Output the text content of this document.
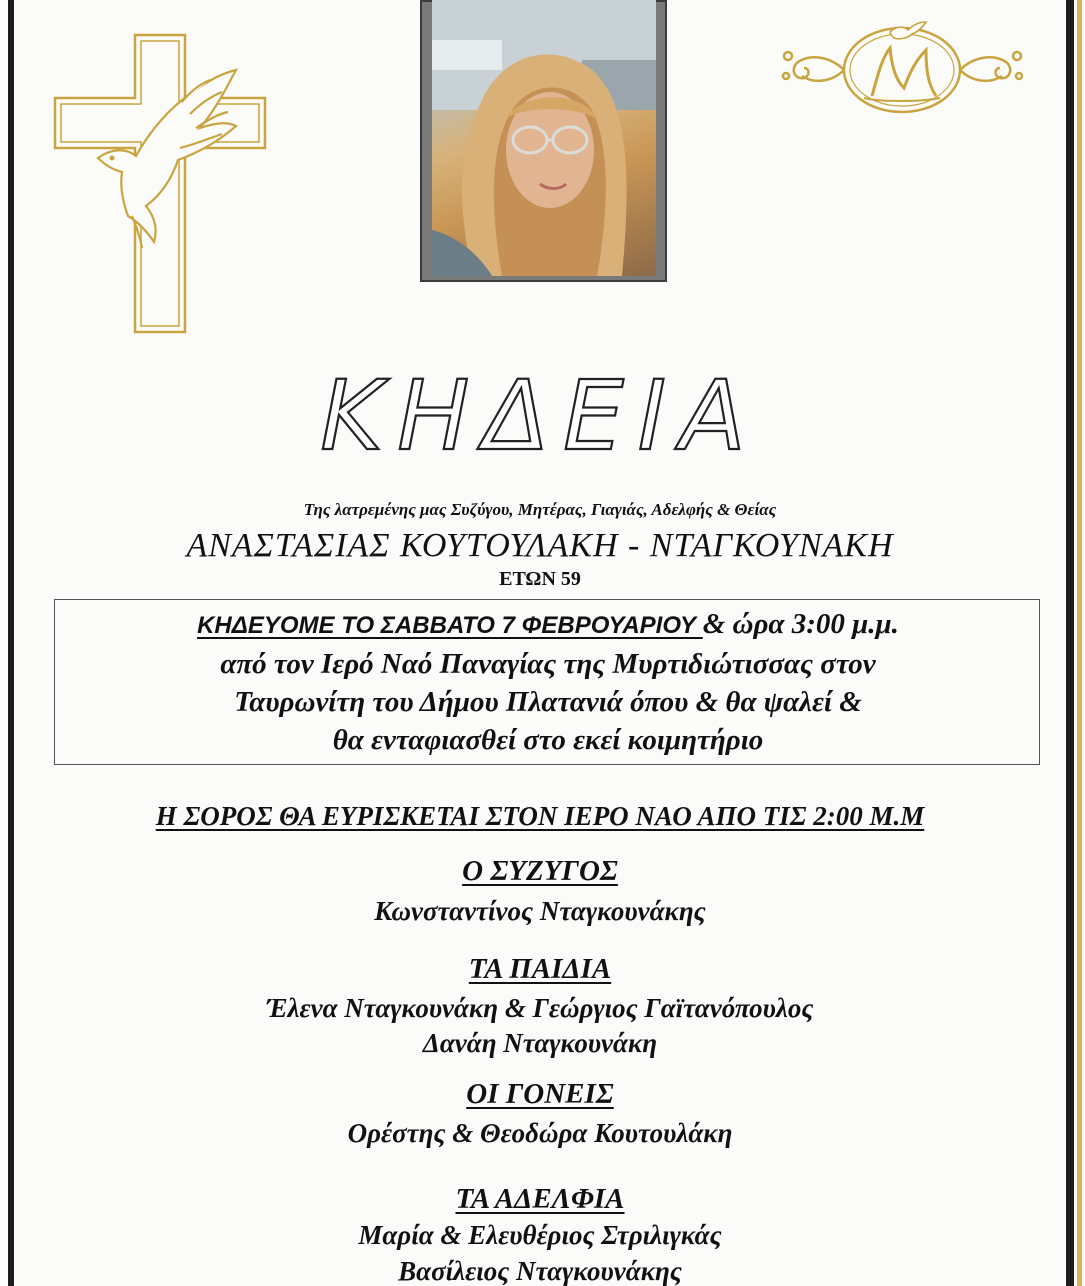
ΚΗΔΕΙΑ
Της λατρεμένης μας Συζύγου, Μητέρας, Γιαγιάς, Αδελφής & Θείας
ΑΝΑΣΤΑΣΙΑΣ ΚΟΥΤΟΥΛΑΚΗ - ΝΤΑΓΚΟΥΝΑΚΗ
ΕΤΩΝ 59
ΚΗΔΕΥΟΜΕ ΤΟ ΣΑΒΒΑΤΟ 7 ΦΕΒΡΟΥΑΡΙΟΥ & ώρα 3:00 μ.μ.
από τον Ιερό Ναό Παναγίας της Μυρτιδιώτισσας στον
Ταυρωνίτη του Δήμου Πλατανιά όπου & θα ψαλεί &
θα ενταφιασθεί στο εκεί κοιμητήριο
Η ΣΟΡΟΣ ΘΑ ΕΥΡΙΣΚΕΤΑΙ ΣΤΟΝ ΙΕΡΟ ΝΑΟ ΑΠΟ ΤΙΣ 2:00 Μ.Μ
Ο ΣΥΖΥΓΟΣ
Κωνσταντίνος Νταγκουνάκης
ΤΑ ΠΑΙΔΙΑ
Έλενα Νταγκουνάκη & Γεώργιος Γαϊτανόπουλος
Δανάη Νταγκουνάκη
ΟΙ ΓΟΝΕΙΣ
Ορέστης & Θεοδώρα Κουτουλάκη
ΤΑ ΑΔΕΛΦΙΑ
Μαρία & Ελευθέριος Στριλιγκάς
Βασίλειος Νταγκουνάκης
